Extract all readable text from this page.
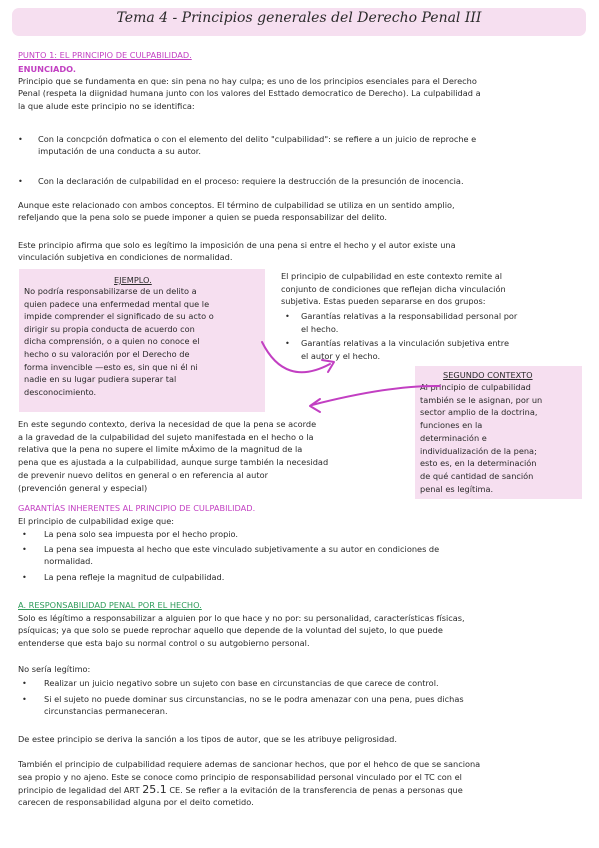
Tema 4 - Principios generales del Derecho Penal III
PUNTO 1: EL PRINCIPIO DE CULPABILIDAD.
ENUNCIADO.
Principio que se fundamenta en que: sin pena no hay culpa; es uno de los principios esenciales para el Derecho
Penal (respeta la diignidad humana junto con los valores del Esttado democratico de Derecho). La culpabilidad a
la que alude este principio no se identifica:
• Con la concpción dofmatica o con el elemento del delito "culpabilidad": se refiere a un juicio de reproche e
imputación de una conducta a su autor.
• Con la declaración de culpabilidad en el proceso: requiere la destrucción de la presunción de inocencia.
Aunque este relacionado con ambos conceptos. El término de culpabilidad se utiliza en un sentido amplio,
refeljando que la pena solo se puede imponer a quien se pueda responsabilizar del delito.
Este principio afirma que solo es legítimo la imposición de una pena si entre el hecho y el autor existe una
vinculación subjetiva en condiciones de normalidad.
EJEMPLO.
No podría responsabilizarse de un delito a
quien padece una enfermedad mental que le
impide comprender el significado de su acto o
dirigir su propia conducta de acuerdo con
dicha comprensión, o a quien no conoce el
hecho o su valoración por el Derecho de
forma invencible —esto es, sin que ni él ni
nadie en su lugar pudiera superar tal
desconocimiento.
El principio de culpabilidad en este contexto remite al
conjunto de condiciones que reflejan dicha vinculación
subjetiva. Estas pueden separarse en dos grupos:
• Garantías relativas a la responsabilidad personal por
el hecho.
• Garantías relativas a la vinculación subjetiva entre
el autor y el hecho.
SEGUNDO CONTEXTO
Al principio de culpabilidad
también se le asignan, por un
sector amplio de la doctrina,
funciones en la
determinación e
individualización de la pena;
esto es, en la determinación
de qué cantidad de sanción
penal es legítima.
En este segundo contexto, deriva la necesidad de que la pena se acorde
a la gravedad de la culpabilidad del sujeto manifestada en el hecho o la
relativa que la pena no supere el limite mÁximo de la magnitud de la
pena que es ajustada a la culpabilidad, aunque surge también la necesidad
de prevenir nuevo delitos en general o en referencia al autor
(prevención general y especial)
GARANTÍAS INHERENTES AL PRINCIPIO DE CULPABILIDAD.
El principio de culpabilidad exige que:
• La pena solo sea impuesta por el hecho propio.
• La pena sea impuesta al hecho que este vinculado subjetivamente a su autor en condiciones de
normalidad.
• La pena refleje la magnitud de culpabilidad.
A. RESPONSABILIDAD PENAL POR EL HECHO.
Solo es légítimo a responsabilizar a alguien por lo que hace y no por: su personalidad, características físicas,
psíquicas; ya que solo se puede reprochar aquello que depende de la voluntad del sujeto, lo que puede
entenderse que esta bajo su normal control o su autgobierno personal.
No sería legítimo:
• Realizar un juicio negativo sobre un sujeto con base en circunstancias de que carece de control.
• Si el sujeto no puede dominar sus circunstancias, no se le podra amenazar con una pena, pues dichas
circunstancias permaneceran.
De estee principio se deriva la sanción a los tipos de autor, que se les atribuye peligrosidad.
También el principio de culpabilidad requiere ademas de sancionar hechos, que por el hehco de que se sanciona
sea propio y no ajeno. Este se conoce como principio de responsabilidad personal vinculado por el TC con el
principio de legalidad del ART 25.1 CE. Se refier a la evitación de la transferencia de penas a personas que
carecen de responsabilidad alguna por el deito cometido.
